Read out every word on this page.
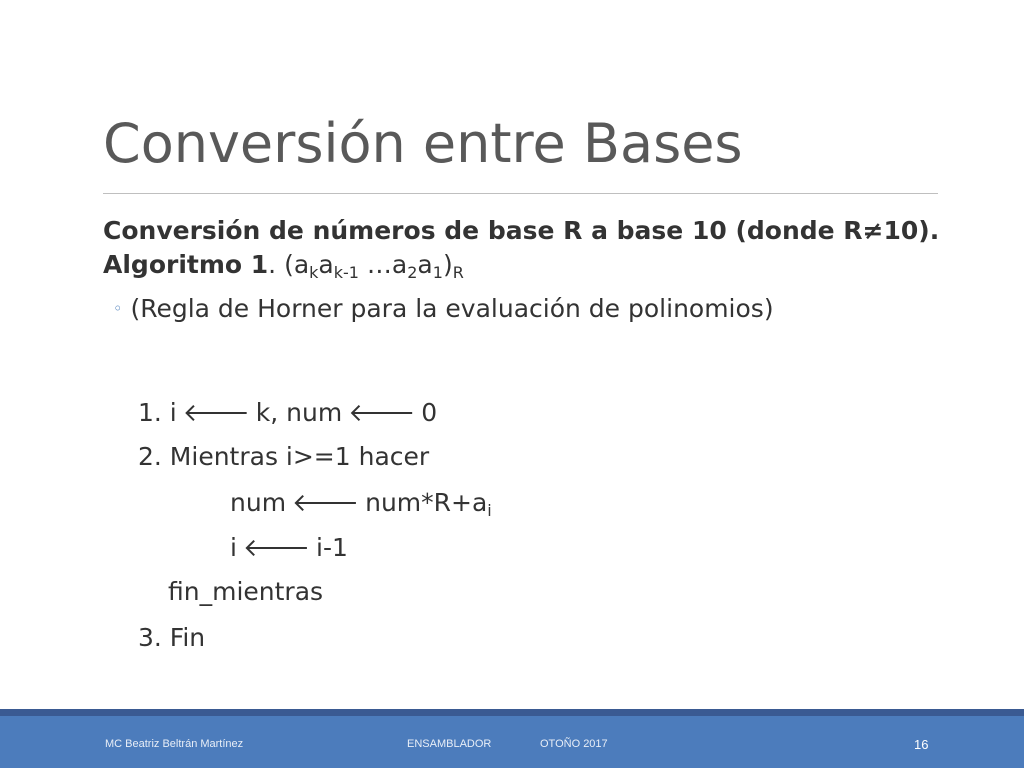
Conversión entre Bases
Conversión de números de base R a base 10 (donde R≠10).
Algoritmo 1. ($a_ka_{k-1}$ $\dots a_2a_1)_R$
◦ (Regla de Horner para la evaluación de polinomios)
1. i 🡐 k, num 🡐 0
2. Mientras i>=1 hacer
num 🡐 $num*R+a_i$
i 🡐 i-1
fin_mientras
3. Fin
MC Beatriz Beltrán Martínez	ENSAMBLADOR	OTOÑO 2017	16
